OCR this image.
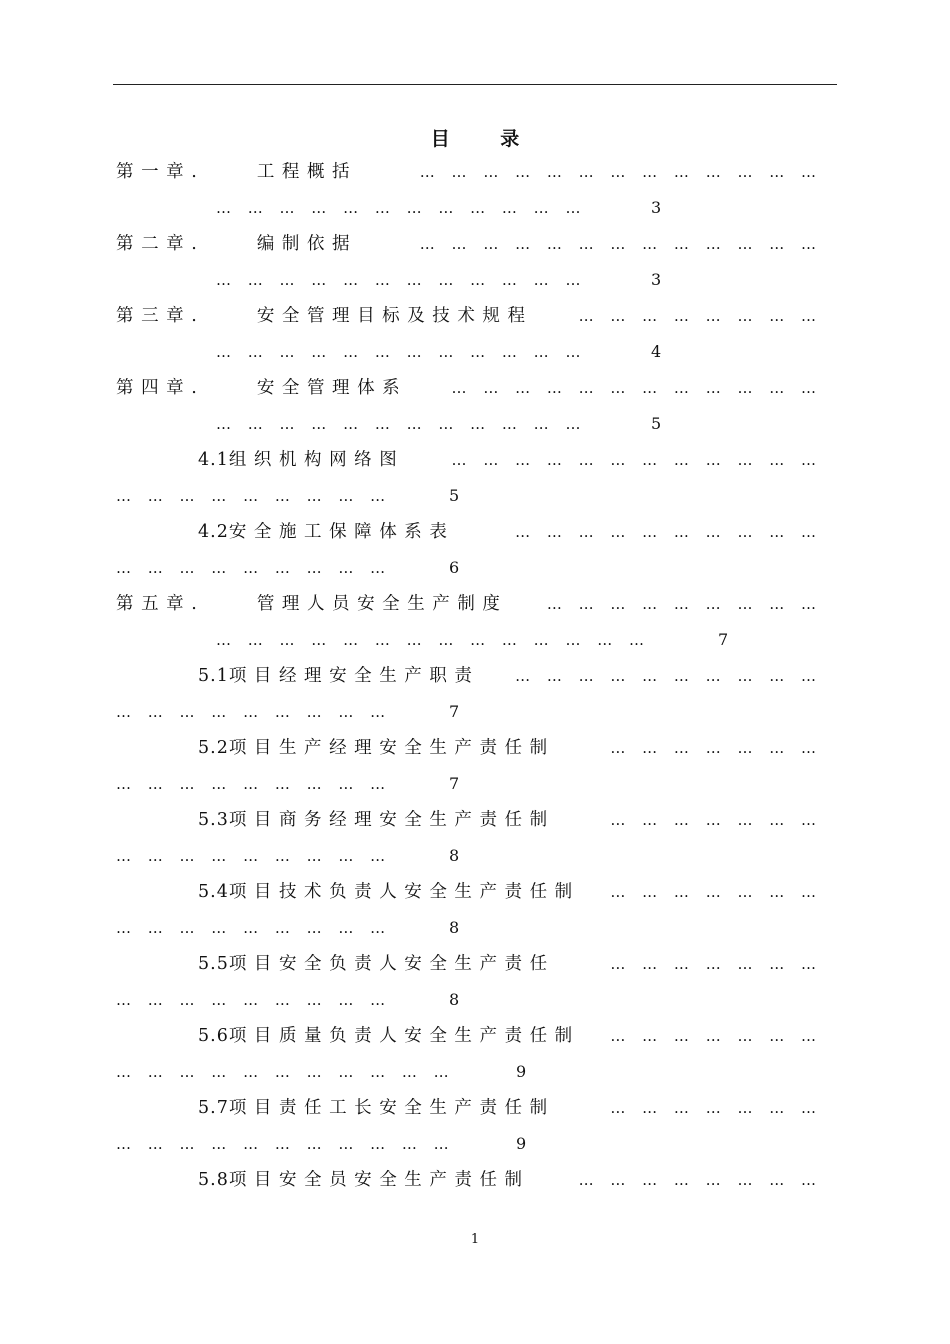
目 录
第 一 章 .         工 程 概 括	… … … … … … … … … … … … …
… … … … … … … … … … … …	3
第 二 章 .         编 制 依 据	… … … … … … … … … … … … …
… … … … … … … … … … … …	3
第 三 章 .         安 全 管 理 目 标 及 技 术 规 程	… … … … … … … …
… … … … … … … … … … … …	4
第 四 章 .         安 全 管 理 体 系	… … … … … … … … … … … …
… … … … … … … … … … … …	5
4.1组 织 机 构 网 络 图	… … … … … … … … … … … …
… … … … … … … … …	5
4.2安 全 施 工 保 障 体 系 表	… … … … … … … … … …
… … … … … … … … …	6
第 五 章 .         管 理 人 员 安 全 生 产 制 度	… … … … … … … … …
… … … … … … … … … … … … … …	7
5.1项 目 经 理 安 全 生 产 职 责	… … … … … … … … … …
… … … … … … … … …	7
5.2项 目 生 产 经 理 安 全 生 产 责 任 制	… … … … … … …
… … … … … … … … …	7
5.3项 目 商 务 经 理 安 全 生 产 责 任 制	… … … … … … …
… … … … … … … … …	8
5.4项 目 技 术 负 责 人 安 全 生 产 责 任 制 … … … … … … …
… … … … … … … … …	8
5.5项 目 安 全 负 责 人 安 全 生 产 责 任	… … … … … … …
… … … … … … … … …	8
5.6项 目 质 量 负 责 人 安 全 生 产 责 任 制 … … … … … … …
… … … … … … … … … … …	9
5.7项 目 责 任 工 长 安 全 生 产 责 任 制	… … … … … … …
… … … … … … … … … … …	9
5.8项 目 安 全 员 安 全 生 产 责 任 制	… … … … … … … …
1
